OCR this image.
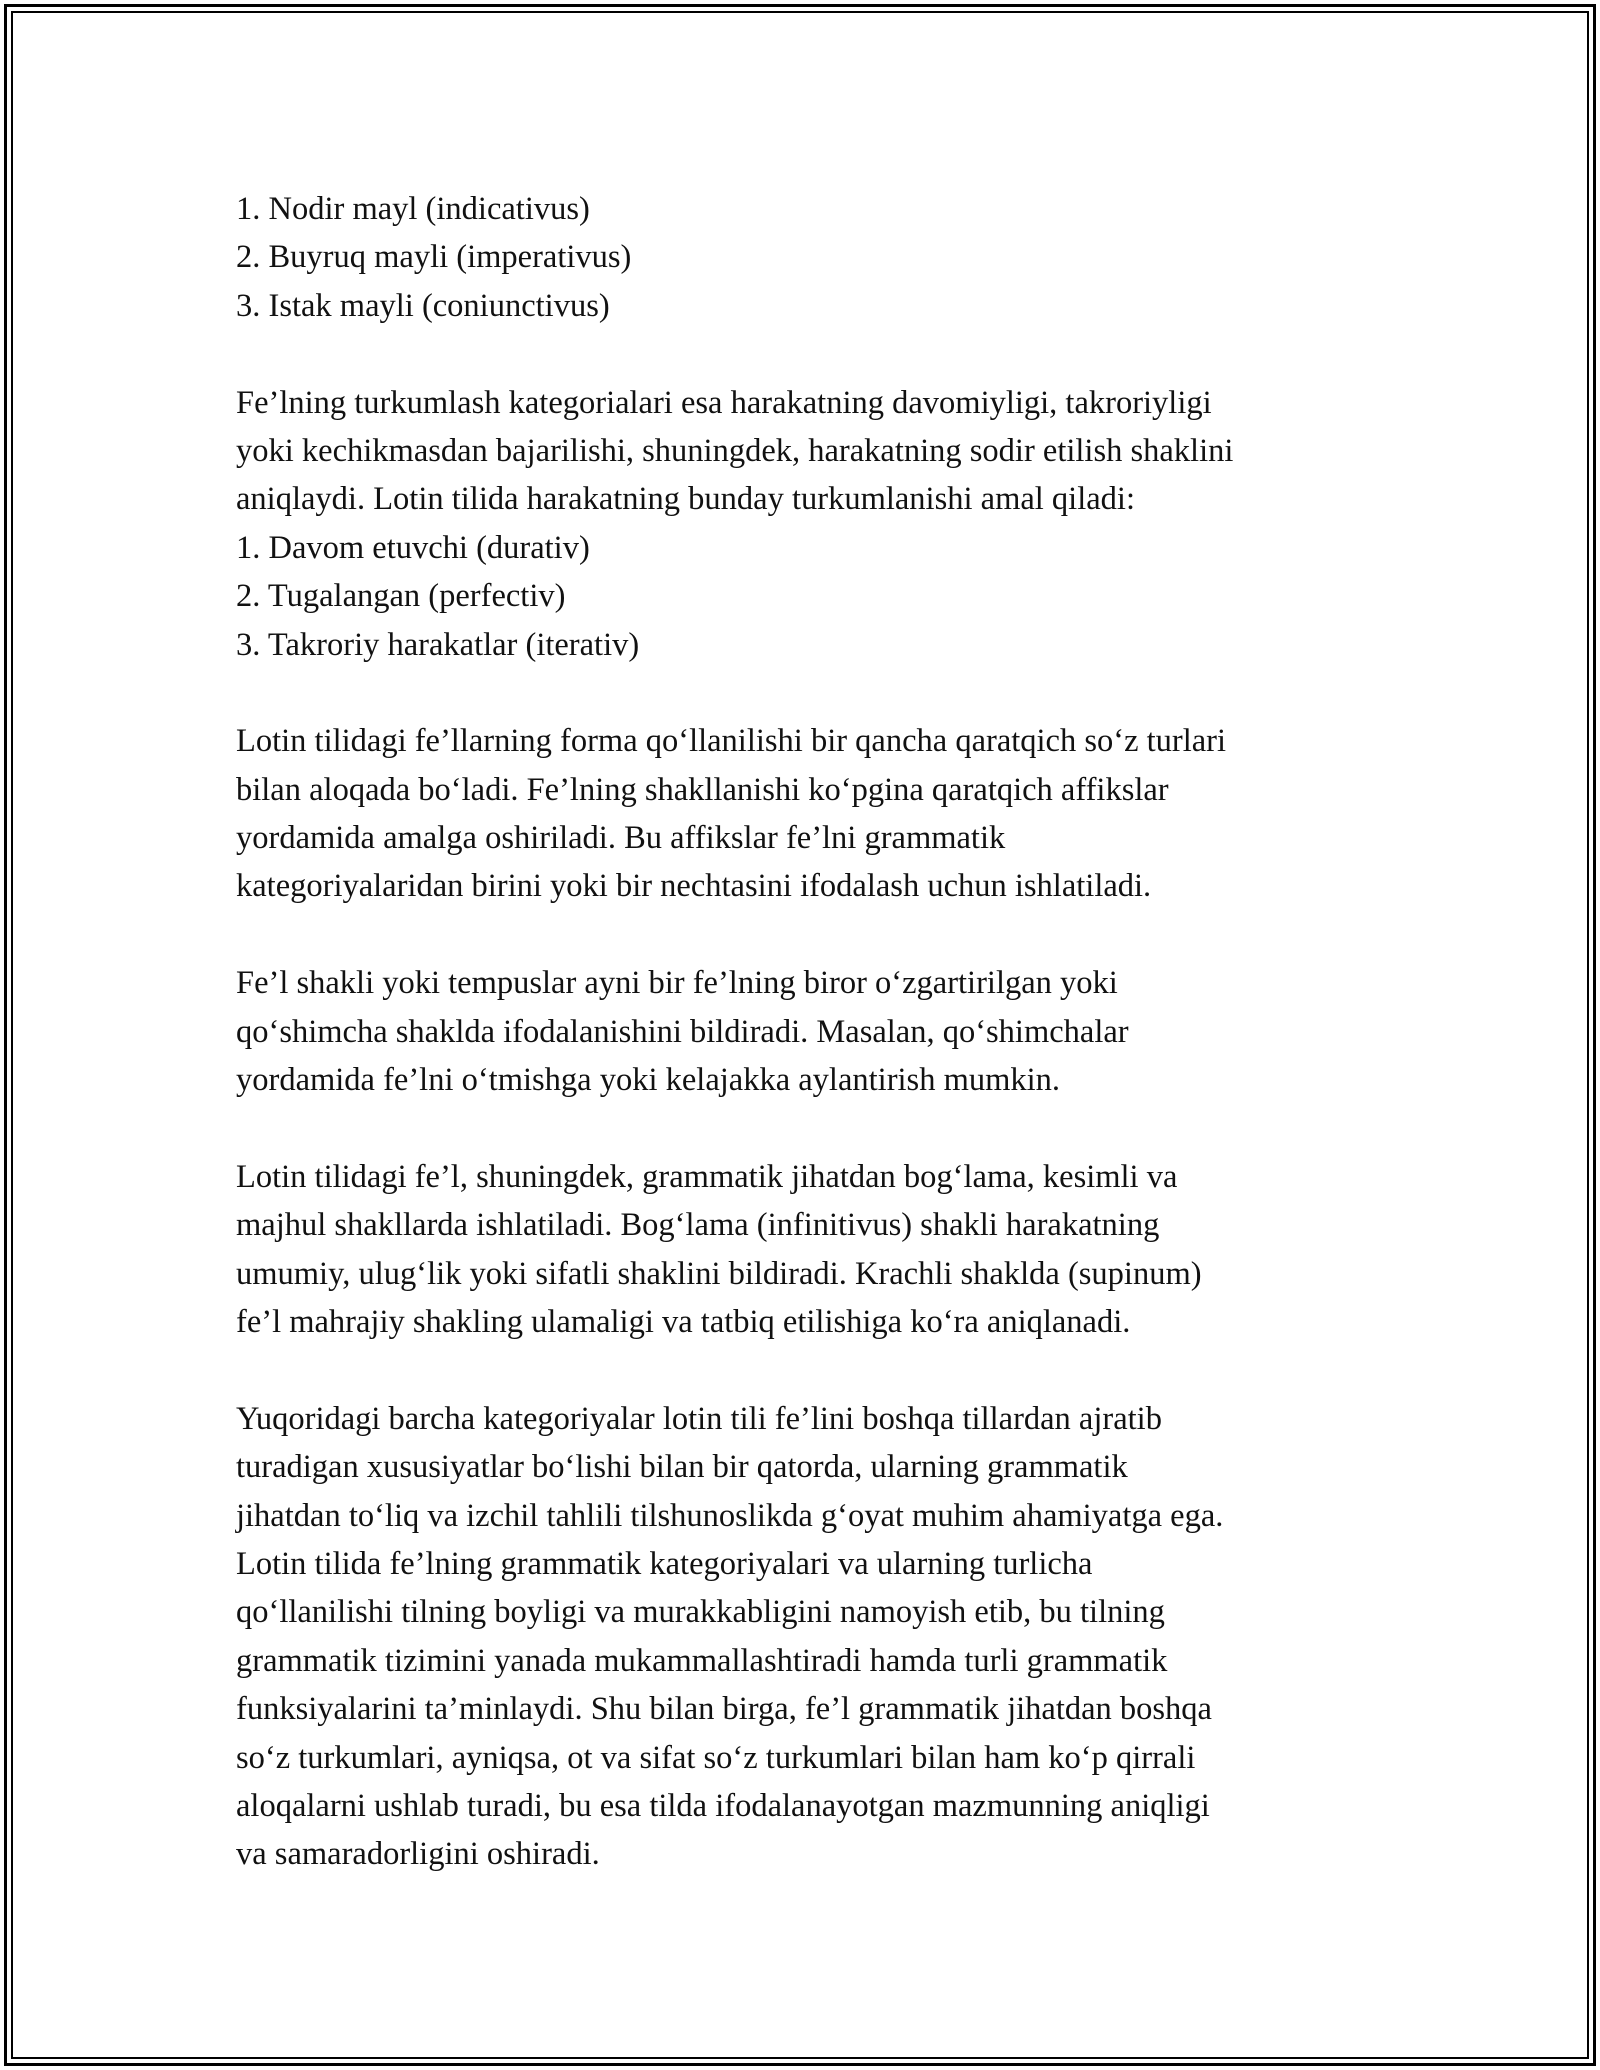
1. Nodir mayl (indicativus)
2. Buyruq mayli (imperativus)
3. Istak mayli (coniunctivus)
Fe’lning turkumlash kategorialari esa harakatning davomiyligi, takroriyligi
yoki kechikmasdan bajarilishi, shuningdek, harakatning sodir etilish shaklini
aniqlaydi. Lotin tilida harakatning bunday turkumlanishi amal qiladi:
1. Davom etuvchi (durativ)
2. Tugalangan (perfectiv)
3. Takroriy harakatlar (iterativ)
Lotin tilidagi fe’llarning forma qo‘llanilishi bir qancha qaratqich so‘z turlari
bilan aloqada bo‘ladi. Fe’lning shakllanishi ko‘pgina qaratqich affikslar
yordamida amalga oshiriladi. Bu affikslar fe’lni grammatik
kategoriyalaridan birini yoki bir nechtasini ifodalash uchun ishlatiladi.
Fe’l shakli yoki tempuslar ayni bir fe’lning biror o‘zgartirilgan yoki
qo‘shimcha shaklda ifodalanishini bildiradi. Masalan, qo‘shimchalar
yordamida fe’lni o‘tmishga yoki kelajakka aylantirish mumkin.
Lotin tilidagi fe’l, shuningdek, grammatik jihatdan bog‘lama, kesimli va
majhul shakllarda ishlatiladi. Bog‘lama (infinitivus) shakli harakatning
umumiy, ulug‘lik yoki sifatli shaklini bildiradi. Krachli shaklda (supinum)
fe’l mahrajiy shakling ulamaligi va tatbiq etilishiga ko‘ra aniqlanadi.
Yuqoridagi barcha kategoriyalar lotin tili fe’lini boshqa tillardan ajratib
turadigan xususiyatlar bo‘lishi bilan bir qatorda, ularning grammatik
jihatdan to‘liq va izchil tahlili tilshunoslikda g‘oyat muhim ahamiyatga ega.
Lotin tilida fe’lning grammatik kategoriyalari va ularning turlicha
qo‘llanilishi tilning boyligi va murakkabligini namoyish etib, bu tilning
grammatik tizimini yanada mukammallashtiradi hamda turli grammatik
funksiyalarini ta’minlaydi. Shu bilan birga, fe’l grammatik jihatdan boshqa
so‘z turkumlari, ayniqsa, ot va sifat so‘z turkumlari bilan ham ko‘p qirrali
aloqalarni ushlab turadi, bu esa tilda ifodalanayotgan mazmunning aniqligi
va samaradorligini oshiradi.
